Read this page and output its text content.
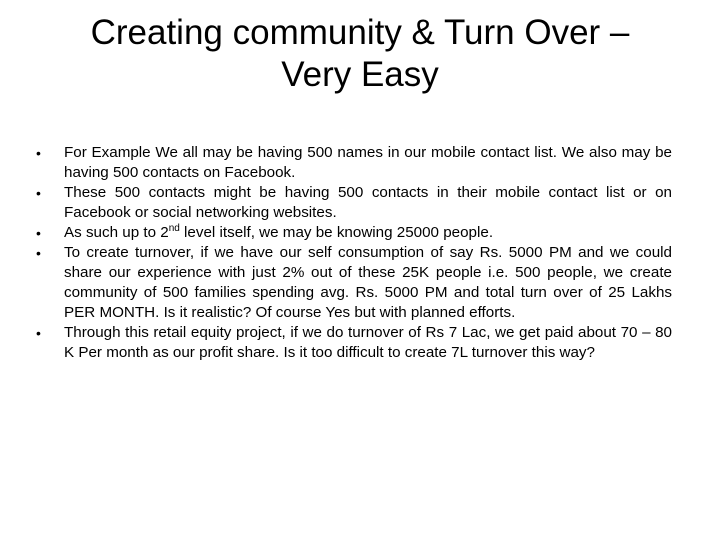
Creating community & Turn Over – Very Easy
•	For Example We all may be having 500 names in our mobile contact list. We also may be having 500 contacts on Facebook.
•	These 500 contacts might be having 500 contacts in their mobile contact list or on Facebook or social networking websites.
•	As such up to 2nd level itself, we may be knowing 25000 people.
•	To create turnover, if we have our self consumption of say Rs. 5000 PM and we could share our experience with just 2% out of these 25K people i.e. 500 people, we create community of 500 families spending avg. Rs. 5000 PM and total turn over of 25 Lakhs PER MONTH. Is it realistic? Of course Yes but with planned efforts.
•	Through this retail equity project, if we do turnover of Rs 7 Lac, we get paid about 70 – 80 K Per month as our profit share. Is it too difficult to create 7L turnover this way?
